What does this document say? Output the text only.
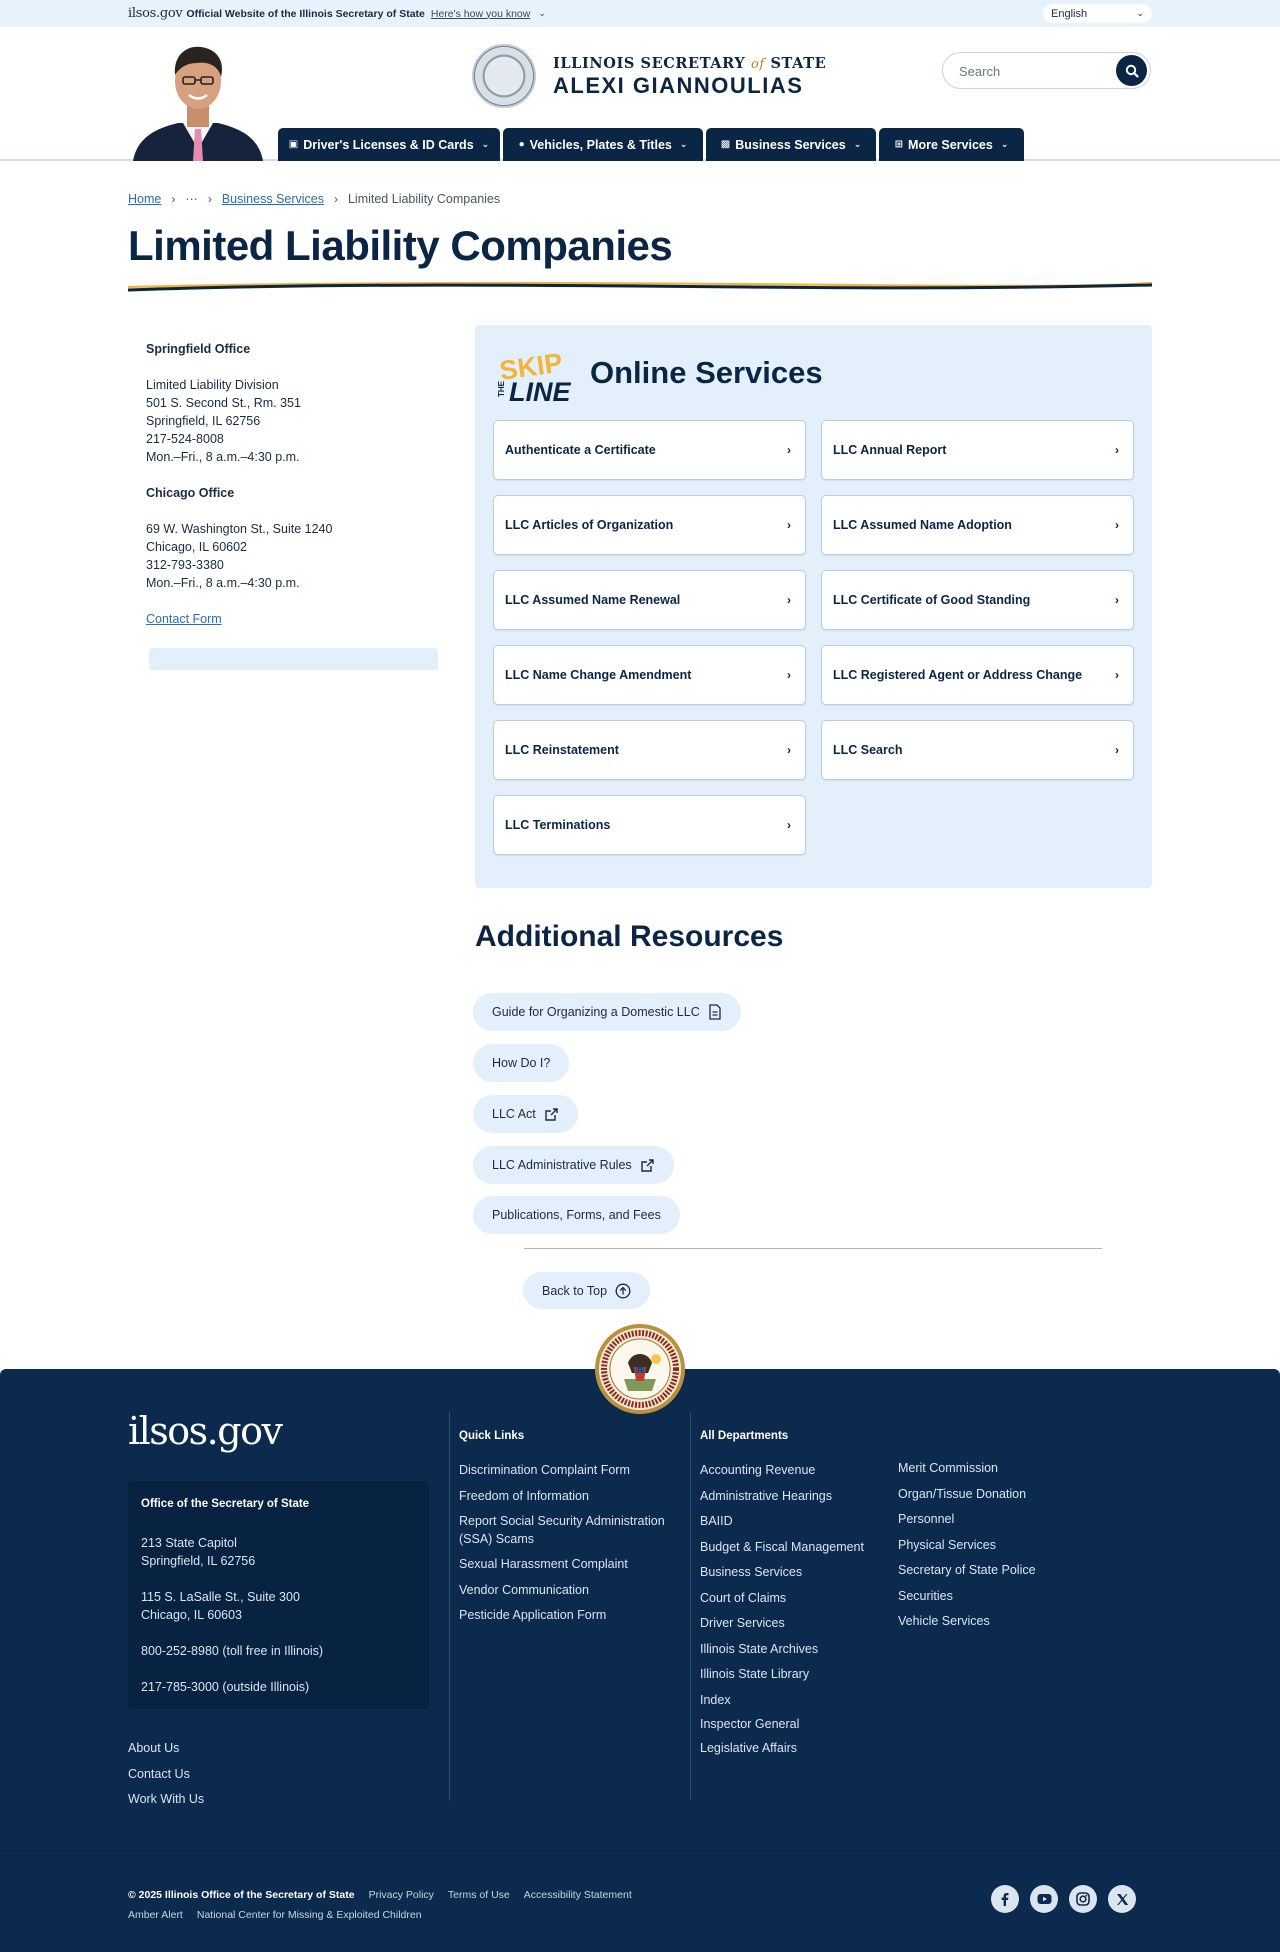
ilsos.gov Official Website of the Illinois Secretary of State Here's how you know ⌄	English	⌄
ILLINOIS SECRETARY of STATE
ALEXI GIANNOULIAS
Search
▣ Driver's Licenses & ID Cards ⌄	● Vehicles, Plates & Titles ⌄	▩ Business Services ⌄	⊞ More Services ⌄
Home › ··· › Business Services › Limited Liability Companies
Limited Liability Companies
Springfield Office
Limited Liability Division
501 S. Second St., Rm. 351
Springfield, IL 62756
217-524-8008
Mon.–Fri., 8 a.m.–4:30 p.m.
Chicago Office
69 W. Washington St., Suite 1240
Chicago, IL 60602
312-793-3380
Mon.–Fri., 8 a.m.–4:30 p.m.
Contact Form
SKIP
THE LINE
Online Services
Authenticate a Certificate	›	LLC Annual Report	›
LLC Articles of Organization	›	LLC Assumed Name Adoption	›
LLC Assumed Name Renewal	›	LLC Certificate of Good Standing	›
LLC Name Change Amendment	›	LLC Registered Agent or Address Change	›
LLC Reinstatement	›	LLC Search	›
LLC Terminations	›
Additional Resources
Guide for Organizing a Domestic LLC
How Do I?
LLC Act
LLC Administrative Rules
Publications, Forms, and Fees
Back to Top
ilsos.gov
Office of the Secretary of State
213 State Capitol
Springfield, IL 62756
115 S. LaSalle St., Suite 300
Chicago, IL 60603
800-252-8980 (toll free in Illinois)
217-785-3000 (outside Illinois)
About Us
Contact Us
Work With Us
Quick Links
Discrimination Complaint Form
Freedom of Information
Report Social Security Administration (SSA) Scams
Sexual Harassment Complaint
Vendor Communication
Pesticide Application Form
All Departments
Accounting Revenue
Administrative Hearings
BAIID
Budget & Fiscal Management
Business Services
Court of Claims
Driver Services
Illinois State Archives
Illinois State Library
Index
Inspector General
Legislative Affairs
Merit Commission
Organ/Tissue Donation
Personnel
Physical Services
Secretary of State Police
Securities
Vehicle Services
© 2025 Illinois Office of the Secretary of State Privacy Policy Terms of Use Accessibility Statement
Amber Alert National Center for Missing & Exploited Children
